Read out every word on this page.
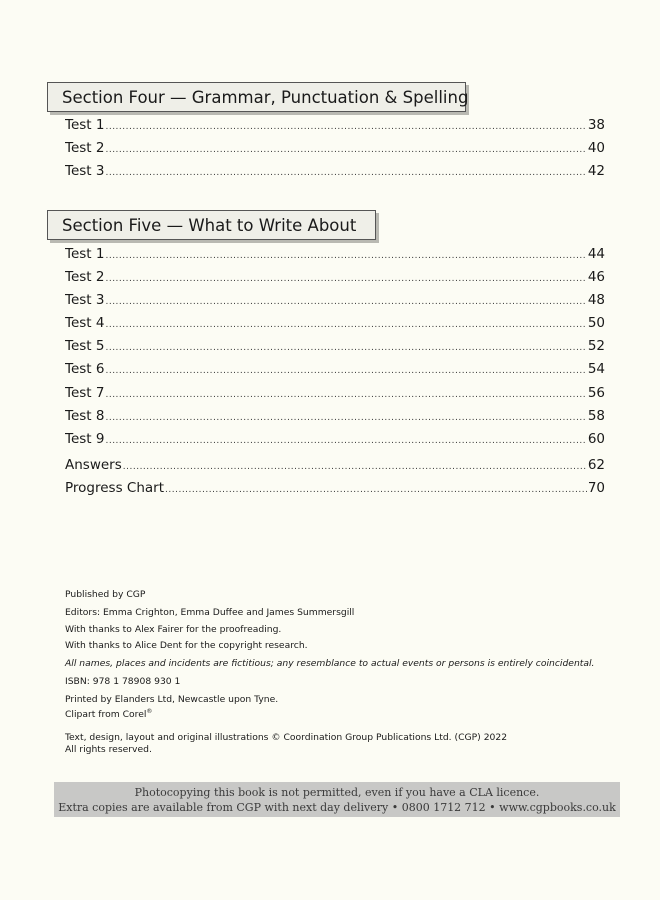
Section Four — Grammar, Punctuation & Spelling
Test 1 .....	38
Test 2 .....	40
Test 3 .....	42
Section Five — What to Write About
Test 1 .....	44
Test 2 .....	46
Test 3 .....	48
Test 4 .....	50
Test 5 .....	52
Test 6 .....	54
Test 7 .....	56
Test 8 .....	58
Test 9 .....	60
Answers .....	62
Progress Chart .....	70

Published by CGP

Editors: Emma Crighton, Emma Duffee and James Summersgill

With thanks to Alex Fairer for the proofreading.

With thanks to Alice Dent for the copyright research.

All names, places and incidents are fictitious; any resemblance to actual events or persons is entirely coincidental.

ISBN: 978 1 78908 930 1

Printed by Elanders Ltd, Newcastle upon Tyne.

Clipart from Corel®

Text, design, layout and original illustrations © Coordination Group Publications Ltd. (CGP) 2022

All rights reserved.

Photocopying this book is not permitted, even if you have a CLA licence.

Extra copies are available from CGP with next day delivery • 0800 1712 712 • www.cgpbooks.co.uk
